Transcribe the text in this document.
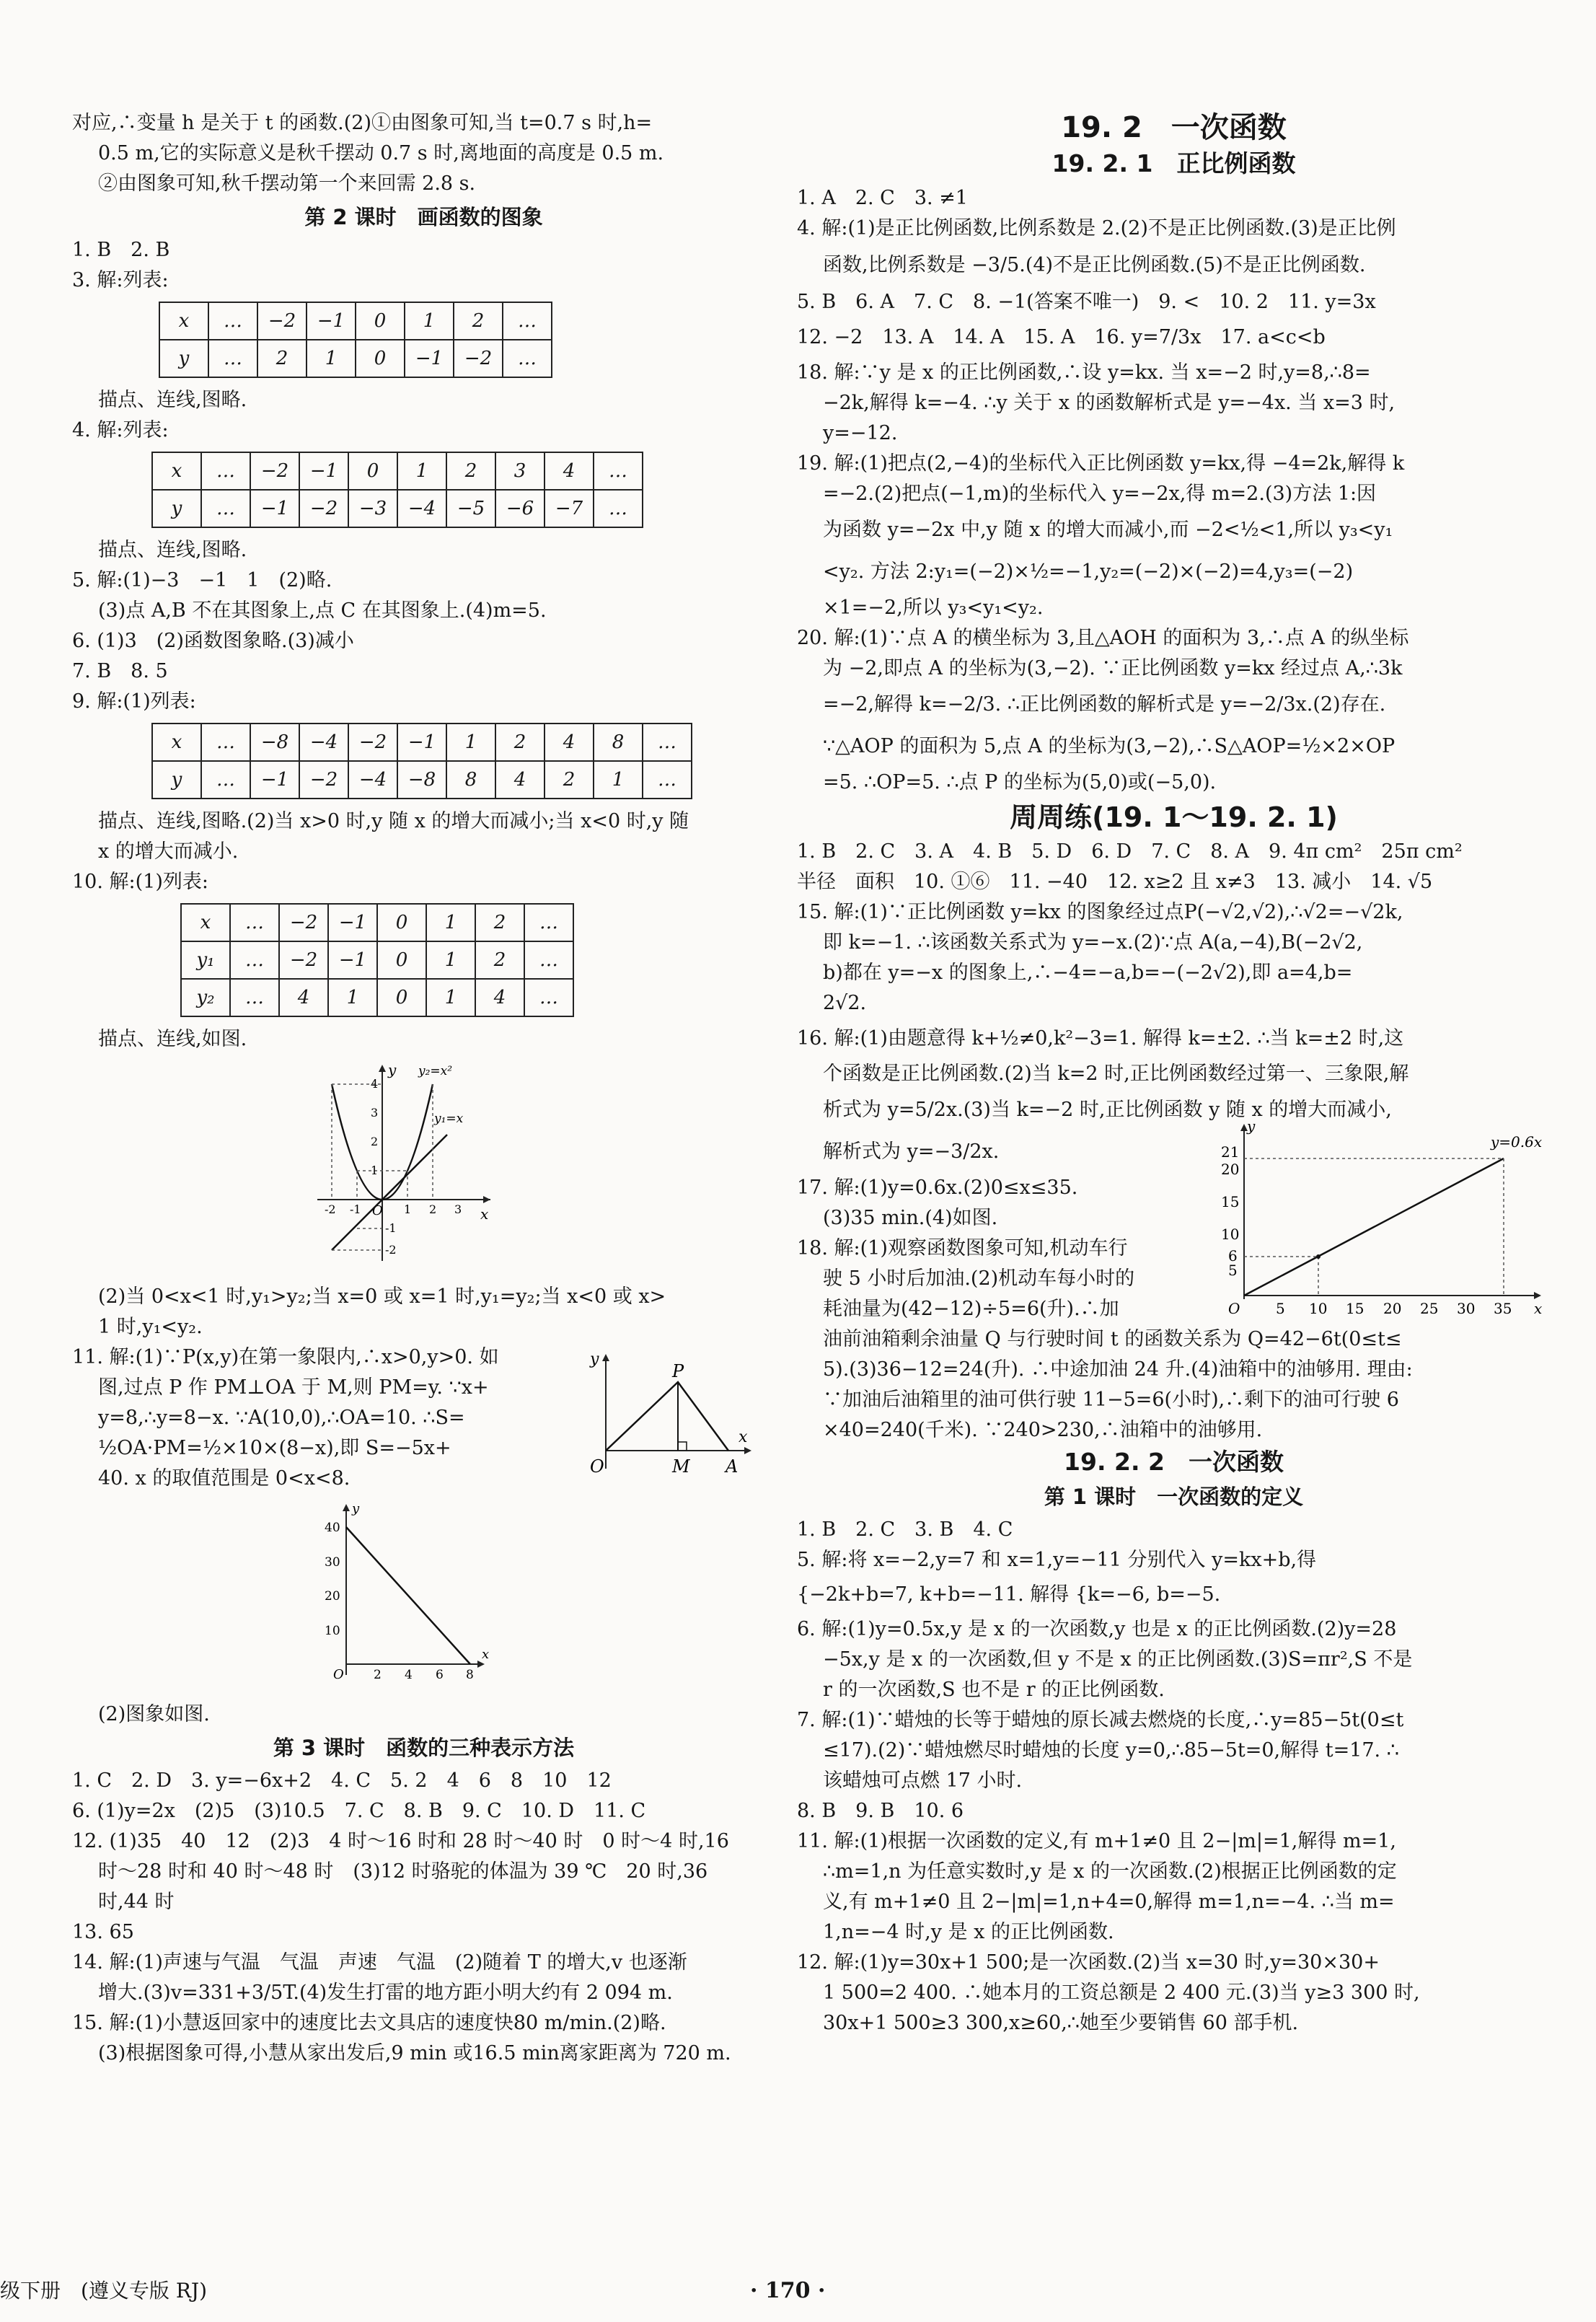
对应,∴变量 h 是关于 t 的函数.(2)①由图象可知,当 t=0.7 s 时,h=

0.5 m,它的实际意义是秋千摆动 0.7 s 时,离地面的高度是 0.5 m.

②由图象可知,秋千摆动第一个来回需 2.8 s.

第 2 课时　画函数的图象

1. B　2. B

3. 解:列表:

x	…	−2	−1	0	1	2	…
y	…	2	1	0	−1	−2	…

描点、连线,图略.

4. 解:列表:

x	…	−2	−1	0	1	2	3	4	…
y	…	−1	−2	−3	−4	−5	−6	−7	…

描点、连线,图略.

5. 解:(1)−3　−1　1　(2)略.

(3)点 A,B 不在其图象上,点 C 在其图象上.(4)m=5.

6. (1)3　(2)函数图象略.(3)减小

7. B　8. 5

9. 解:(1)列表:

x	…	−8	−4	−2	−1	1	2	4	8	…
y	…	−1	−2	−4	−8	8	4	2	1	…

描点、连线,图略.(2)当 x>0 时,y 随 x 的增大而减小;当 x<0 时,y 随

x 的增大而减小.

10. 解:(1)列表:

x	…	−2	−1	0	1	2	…
y₁	…	−2	−1	0	1	2	…
y₂	…	4	1	0	1	4	…

描点、连线,如图.

x
y
O
y₂=x²
y₁=x
4
3
2
1
-1
-2
-2 -1	1 2 3

(2)当 0<x<1 时,y₁>y₂;当 x=0 或 x=1 时,y₁=y₂;当 x<0 或 x>

1 时,y₁<y₂.

11. 解:(1)∵P(x,y)在第一象限内,∴x>0,y>0. 如

图,过点 P 作 PM⊥OA 于 M,则 PM=y. ∵x+

y=8,∴y=8−x. ∵A(10,0),∴OA=10. ∴S=

½OA·PM=½×10×(8−x),即 S=−5x+

40. x 的取值范围是 0<x<8.

P
M A
O
x
y
y
x
O
40
30
20
10
2 4 6 8

(2)图象如图.

第 3 课时　函数的三种表示方法

1. C　2. D　3. y=−6x+2　4. C　5. 2　4　6　8　10　12

6. (1)y=2x　(2)5　(3)10.5　7. C　8. B　9. C　10. D　11. C

12. (1)35　40　12　(2)3　4 时～16 时和 28 时～40 时　0 时～4 时,16

时～28 时和 40 时～48 时　(3)12 时骆驼的体温为 39 ℃　20 时,36

时,44 时

13. 65

14. 解:(1)声速与气温　气温　声速　气温　(2)随着 T 的增大,v 也逐渐

增大.(3)v=331+3/5T.(4)发生打雷的地方距小明大约有 2 094 m.

15. 解:(1)小慧返回家中的速度比去文具店的速度快80 m/min.(2)略.

(3)根据图象可得,小慧从家出发后,9 min 或16.5 min离家距离为 720 m.

19. 2　一次函数
19. 2. 1　正比例函数

1. A　2. C　3. ≠1

4. 解:(1)是正比例函数,比例系数是 2.(2)不是正比例函数.(3)是正比例

函数,比例系数是 −3/5.(4)不是正比例函数.(5)不是正比例函数.

5. B　6. A　7. C　8. −1(答案不唯一)　9. <　10. 2　11. y=3x

12. −2　13. A　14. A　15. A　16. y=7/3x　17. a<c<b

18. 解:∵y 是 x 的正比例函数,∴设 y=kx. 当 x=−2 时,y=8,∴8=

−2k,解得 k=−4. ∴y 关于 x 的函数解析式是 y=−4x. 当 x=3 时,

y=−12.

19. 解:(1)把点(2,−4)的坐标代入正比例函数 y=kx,得 −4=2k,解得 k

=−2.(2)把点(−1,m)的坐标代入 y=−2x,得 m=2.(3)方法 1:因

为函数 y=−2x 中,y 随 x 的增大而减小,而 −2<½<1,所以 y₃<y₁

<y₂. 方法 2:y₁=(−2)×½=−1,y₂=(−2)×(−2)=4,y₃=(−2)

×1=−2,所以 y₃<y₁<y₂.

20. 解:(1)∵点 A 的横坐标为 3,且△AOH 的面积为 3,∴点 A 的纵坐标

为 −2,即点 A 的坐标为(3,−2). ∵正比例函数 y=kx 经过点 A,∴3k

=−2,解得 k=−2/3. ∴正比例函数的解析式是 y=−2/3x.(2)存在.

∵△AOP 的面积为 5,点 A 的坐标为(3,−2),∴S△AOP=½×2×OP

=5. ∴OP=5. ∴点 P 的坐标为(5,0)或(−5,0).

周周练(19. 1～19. 2. 1)

1. B　2. C　3. A　4. B　5. D　6. D　7. C　8. A　9. 4π cm²　25π cm²

半径　面积　10. ①⑥　11. −40　12. x≥2 且 x≠3　13. 减小　14. √5

15. 解:(1)∵正比例函数 y=kx 的图象经过点P(−√2,√2),∴√2=−√2k,

即 k=−1. ∴该函数关系式为 y=−x.(2)∵点 A(a,−4),B(−2√2,

b)都在 y=−x 的图象上,∴−4=−a,b=−(−2√2),即 a=4,b=

2√2.

16. 解:(1)由题意得 k+½≠0,k²−3=1. 解得 k=±2. ∴当 k=±2 时,这

个函数是正比例函数.(2)当 k=2 时,正比例函数经过第一、三象限,解

析式为 y=5/2x.(3)当 k=−2 时,正比例函数 y 随 x 的增大而减小,

解析式为 y=−3/2x.

17. 解:(1)y=0.6x.(2)0≤x≤35.

(3)35 min.(4)如图.

18. 解:(1)观察函数图象可知,机动车行

驶 5 小时后加油.(2)机动车每小时的

耗油量为(42−12)÷5=6(升).∴加

y=0.6x
y
x
O
21
20
15
10
6
5
5 10 15 20 25 30 35

油前油箱剩余油量 Q 与行驶时间 t 的函数关系为 Q=42−6t(0≤t≤

5).(3)36−12=24(升). ∴中途加油 24 升.(4)油箱中的油够用. 理由:

∵加油后油箱里的油可供行驶 11−5=6(小时),∴剩下的油可行驶 6

×40=240(千米). ∵240>230,∴油箱中的油够用.

19. 2. 2　一次函数
第 1 课时　一次函数的定义

1. B　2. C　3. B　4. C

5. 解:将 x=−2,y=7 和 x=1,y=−11 分别代入 y=kx+b,得

{−2k+b=7, k+b=−11. 解得 {k=−6, b=−5.

6. 解:(1)y=0.5x,y 是 x 的一次函数,y 也是 x 的正比例函数.(2)y=28

−5x,y 是 x 的一次函数,但 y 不是 x 的正比例函数.(3)S=πr²,S 不是

r 的一次函数,S 也不是 r 的正比例函数.

7. 解:(1)∵蜡烛的长等于蜡烛的原长减去燃烧的长度,∴y=85−5t(0≤t

≤17).(2)∵蜡烛燃尽时蜡烛的长度 y=0,∴85−5t=0,解得 t=17. ∴

该蜡烛可点燃 17 小时.

8. B　9. B　10. 6

11. 解:(1)根据一次函数的定义,有 m+1≠0 且 2−|m|=1,解得 m=1,

∴m=1,n 为任意实数时,y 是 x 的一次函数.(2)根据正比例函数的定

义,有 m+1≠0 且 2−|m|=1,n+4=0,解得 m=1,n=−4. ∴当 m=

1,n=−4 时,y 是 x 的正比例函数.

12. 解:(1)y=30x+1 500;是一次函数.(2)当 x=30 时,y=30×30+

1 500=2 400. ∴她本月的工资总额是 2 400 元.(3)当 y≥3 300 时,

30x+1 500≥3 300,x≥60,∴她至少要销售 60 部手机.

级下册　(遵义专版 RJ)	· 170 ·
